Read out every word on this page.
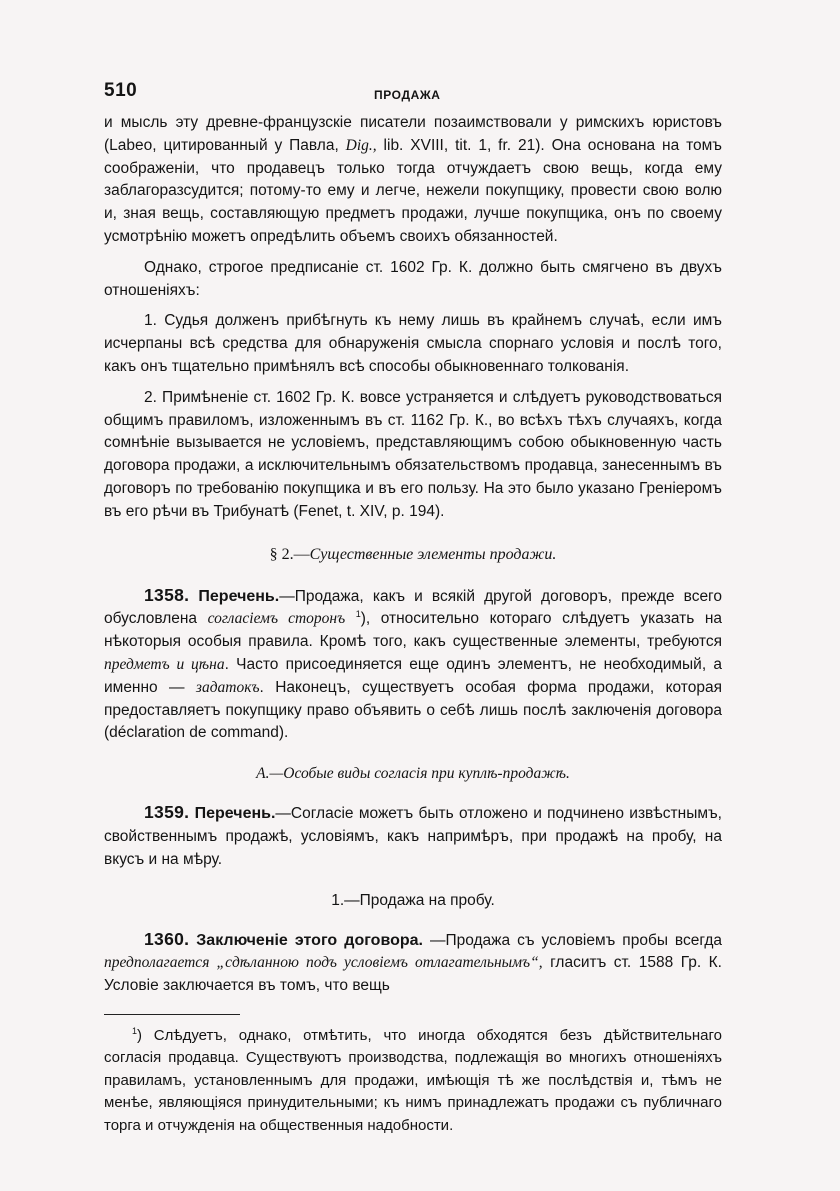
510	ПРОДАЖА

и мысль эту древне-французскіе писатели позаимствовали у римскихъ юристовъ (Labeo, цитированный у Павла, Dig., lib. XVIII, tit. 1, fr. 21). Она основана на томъ соображеніи, что продавецъ только тогда отчуждаетъ свою вещь, когда ему заблагоразсудится; потому-то ему и легче, нежели покупщику, провести свою волю и, зная вещь, составляющую предметъ продажи, лучше покупщика, онъ по своему усмотрѣнію можетъ опредѣлить объемъ своихъ обязанностей.

Однако, строгое предписаніе ст. 1602 Гр. К. должно быть смягчено въ двухъ отношеніяхъ:

1. Судья долженъ прибѣгнуть къ нему лишь въ крайнемъ случаѣ, если имъ исчерпаны всѣ средства для обнаруженія смысла спорнаго условія и послѣ того, какъ онъ тщательно примѣнялъ всѣ способы обыкновеннаго толкованія.

2. Примѣненіе ст. 1602 Гр. К. вовсе устраняется и слѣдуетъ руководствоваться общимъ правиломъ, изложеннымъ въ ст. 1162 Гр. К., во всѣхъ тѣхъ случаяхъ, когда сомнѣніе вызывается не условіемъ, представляющимъ собою обыкновенную часть договора продажи, а исключительнымъ обязательствомъ продавца, занесеннымъ въ договоръ по требованію покупщика и въ его пользу. На это было указано Греніеромъ въ его рѣчи въ Трибунатѣ (Fenet, t. XIV, p. 194).

§ 2.—Существенные элементы продажи.

1358. Перечень.—Продажа, какъ и всякій другой договоръ, прежде всего обусловлена согласіемъ сторонъ $^1$), относительно котораго слѣдуетъ указать на нѣкоторыя особыя правила. Кромѣ того, какъ существенные элементы, требуются предметъ и цѣна. Часто присоединяется еще одинъ элементъ, не необходимый, а именно — задатокъ. Наконецъ, существуетъ особая форма продажи, которая предоставляетъ покупщику право объявить о себѣ лишь послѣ заключенія договора (déclaration de command).

А.—Особые виды согласія при куплѣ-продажѣ.

1359. Перечень.—Согласіе можетъ быть отложено и подчинено извѣстнымъ, свойственнымъ продажѣ, условіямъ, какъ напримѣръ, при продажѣ на пробу, на вкусъ и на мѣру.

1.—Продажа на пробу.

1360. Заключеніе этого договора. —Продажа съ условіемъ пробы всегда предполагается „сдѣланною подъ условіемъ отлагательнымъ“, гласитъ ст. 1588 Гр. К. Условіе заключается въ томъ, что вещь

$^1$) Слѣдуетъ, однако, отмѣтить, что иногда обходятся безъ дѣйствительнаго согласія продавца. Существуютъ производства, подлежащія во многихъ отношеніяхъ правиламъ, установленнымъ для продажи, имѣющія тѣ же послѣдствія и, тѣмъ не менѣе, являющіяся принудительными; къ нимъ принадлежатъ продажи съ публичнаго торга и отчужденія на общественныя надобности.
